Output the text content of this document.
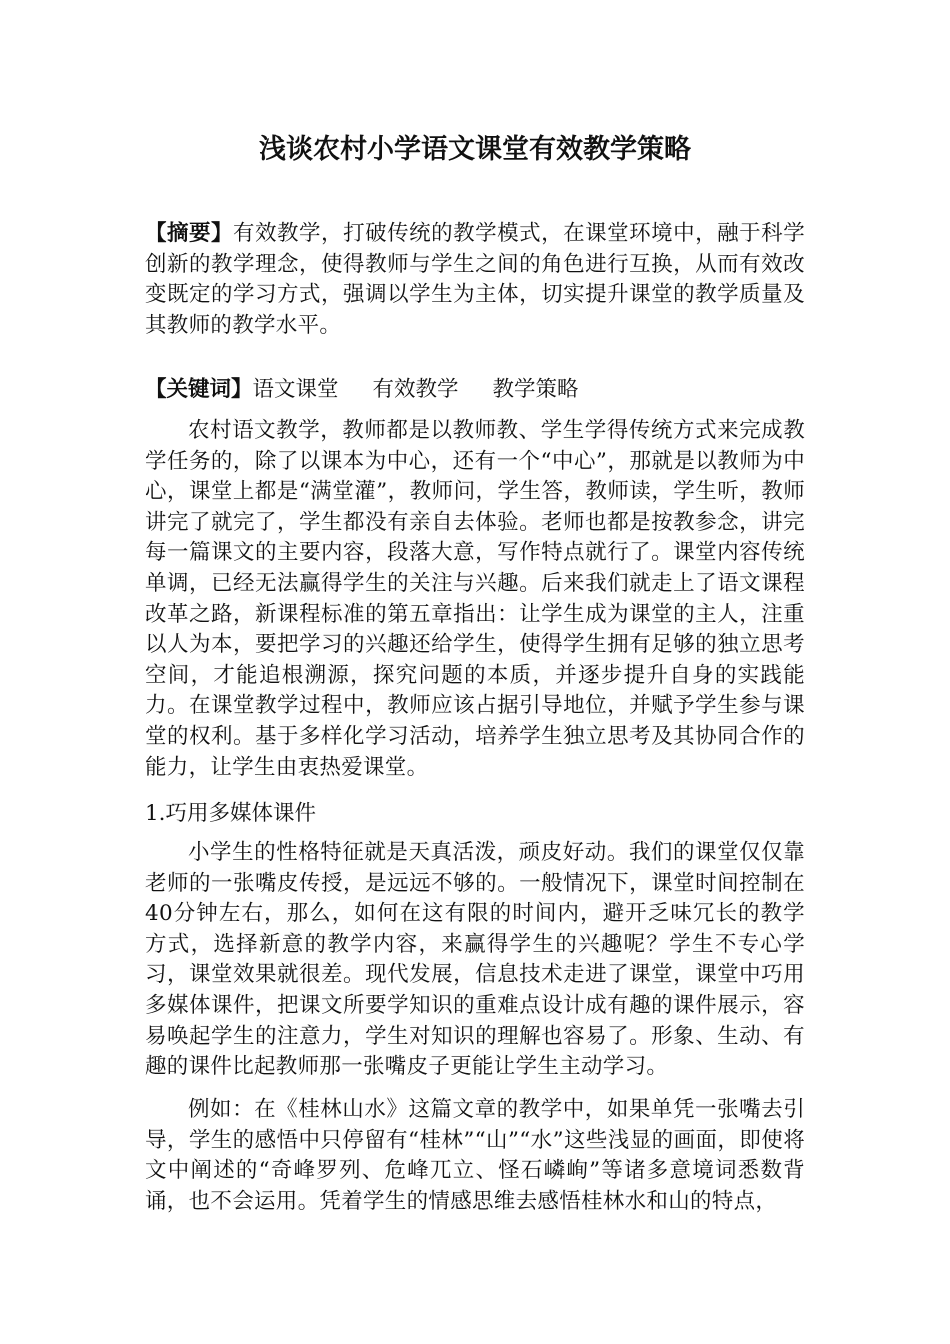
浅谈农村小学语文课堂有效教学策略
【摘要】有效教学，打破传统的教学模式，在课堂环境中，融于科学创新的教学理念，使得教师与学生之间的角色进行互换，从而有效改变既定的学习方式，强调以学生为主体，切实提升课堂的教学质量及其教师的教学水平。
【关键词】语文课堂 有效教学 教学策略
农村语文教学，教师都是以教师教、学生学得传统方式来完成教学任务的，除了以课本为中心，还有一个“中心”，那就是以教师为中心，课堂上都是“满堂灌”，教师问，学生答，教师读，学生听，教师讲完了就完了，学生都没有亲自去体验。老师也都是按教参念，讲完每一篇课文的主要内容，段落大意，写作特点就行了。课堂内容传统单调，已经无法赢得学生的关注与兴趣。后来我们就走上了语文课程改革之路，新课程标准的第五章指出：让学生成为课堂的主人，注重以人为本，要把学习的兴趣还给学生，使得学生拥有足够的独立思考空间，才能追根溯源，探究问题的本质，并逐步提升自身的实践能力。在课堂教学过程中，教师应该占据引导地位，并赋予学生参与课堂的权利。基于多样化学习活动，培养学生独立思考及其协同合作的能力，让学生由衷热爱课堂。
1.巧用多媒体课件
小学生的性格特征就是天真活泼，顽皮好动。我们的课堂仅仅靠老师的一张嘴皮传授，是远远不够的。一般情况下，课堂时间控制在40分钟左右，那么，如何在这有限的时间内，避开乏味冗长的教学方式，选择新意的教学内容，来赢得学生的兴趣呢？学生不专心学习，课堂效果就很差。现代发展，信息技术走进了课堂，课堂中巧用多媒体课件，把课文所要学知识的重难点设计成有趣的课件展示，容易唤起学生的注意力，学生对知识的理解也容易了。形象、生动、有趣的课件比起教师那一张嘴皮子更能让学生主动学习。
例如：在《桂林山水》这篇文章的教学中，如果单凭一张嘴去引导，学生的感悟中只停留有“桂林”“山”“水”这些浅显的画面，即使将文中阐述的“奇峰罗列、危峰兀立、怪石嶙峋”等诸多意境词悉数背诵，也不会运用。凭着学生的情感思维去感悟桂林水和山的特点，
